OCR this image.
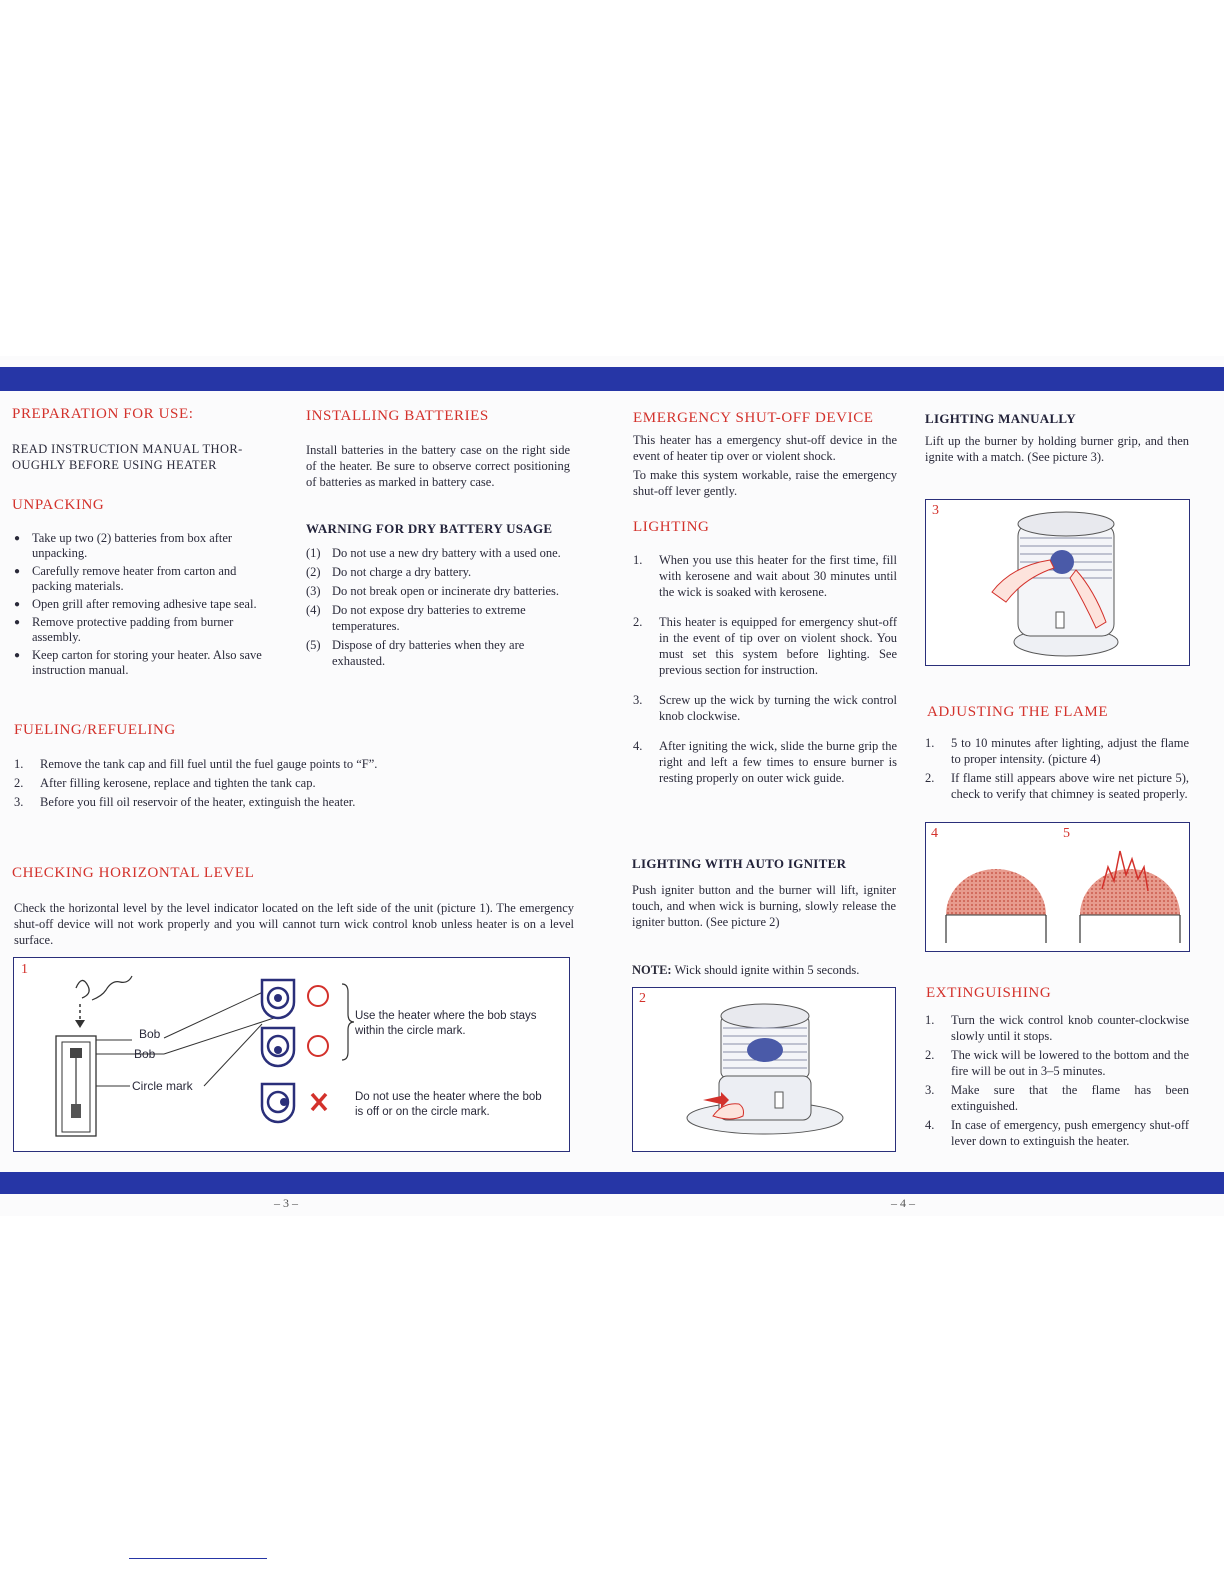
PREPARATION FOR USE:
READ INSTRUCTION MANUAL THOR-
OUGHLY BEFORE USING HEATER
UNPACKING
● Take up two (2) batteries from box after unpacking.
● Carefully remove heater from carton and packing materials.
● Open grill after removing adhesive tape seal.
● Remove protective padding from burner assembly.
● Keep carton for storing your heater. Also save instruction manual.
INSTALLING BATTERIES
Install batteries in the battery case on the right side of the heater. Be sure to observe correct positioning of batteries as marked in battery case.
WARNING FOR DRY BATTERY USAGE
(1) Do not use a new dry battery with a used one.
(2) Do not charge a dry battery.
(3) Do not break open or incinerate dry batteries.
(4) Do not expose dry batteries to extreme temperatures.
(5) Dispose of dry batteries when they are exhausted.
FUELING/REFUELING
1. Remove the tank cap and fill fuel until the fuel gauge points to “F”.
2. After filling kerosene, replace and tighten the tank cap.
3. Before you fill oil reservoir of the heater, extinguish the heater.
CHECKING HORIZONTAL LEVEL
Check the horizontal level by the level indicator located on the left side of the unit (picture 1). The emergency shut-off device will not work properly and you will cannot turn wick control knob unless heater is on a level surface.
1
Bob
Bob
Circle mark
Use the heater where the bob stays within the circle mark.
Do not use the heater where the bob is off or on the circle mark.
– 3 –
EMERGENCY SHUT-OFF DEVICE
This heater has a emergency shut-off device in the event of heater tip over or violent shock.
To make this system workable, raise the emergency shut-off lever gently.
LIGHTING
1. When you use this heater for the first time, fill with kerosene and wait about 30 minutes until the wick is soaked with kerosene.
2. This heater is equipped for emergency shut-off in the event of tip over on violent shock. You must set this system before lighting. See previous section for instruction.
3. Screw up the wick by turning the wick control knob clockwise.
4. After igniting the wick, slide the burne grip the right and left a few times to ensure burner is resting properly on outer wick guide.
LIGHTING WITH AUTO IGNITER
Push igniter button and the burner will lift, igniter touch, and when wick is burning, slowly release the igniter button. (See picture 2)
NOTE: Wick should ignite within 5 seconds.
2
LIGHTING MANUALLY
Lift up the burner by holding burner grip, and then ignite with a match. (See picture 3).
3
ADJUSTING THE FLAME
1. 5 to 10 minutes after lighting, adjust the flame to proper intensity. (picture 4)
2. If flame still appears above wire net picture 5), check to verify that chimney is seated properly.
4	5
EXTINGUISHING
1. Turn the wick control knob counter-clockwise slowly until it stops.
2. The wick will be lowered to the bottom and the fire will be out in 3–5 minutes.
3. Make sure that the flame has been extinguished.
4. In case of emergency, push emergency shut-off lever down to extinguish the heater.
– 4 –
